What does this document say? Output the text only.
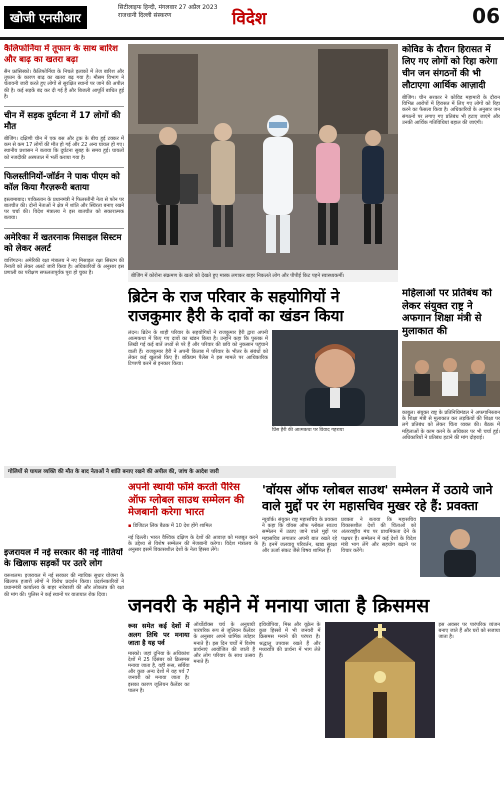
खोजी एनसीआर
सिटीलाइफ हिन्दी, मंगलवार 27 अप्रैल 2023
राजधानी दिल्ली संस्करण	विदेश	06
कैलिफोर्निया में तूफान के साथ बारिश और बाढ़ का खतरा बढ़ा
सैन फ्रांसिस्को। कैलिफोर्निया के निचले इलाकों में तेज बारिश और तूफान के कारण बाढ़ का खतरा बढ़ गया है। मौसम विभाग ने चेतावनी जारी करते हुए लोगों से सुरक्षित स्थानों पर जाने की अपील की है। कई सड़कें बंद कर दी गई हैं और बिजली आपूर्ति बाधित हुई है।
चीन में सड़क दुर्घटना में 17 लोगों की मौत
बीजिंग। दक्षिणी चीन में एक बस और ट्रक के बीच हुई टक्कर में कम से कम 17 लोगों की मौत हो गई और 22 अन्य घायल हो गए। स्थानीय प्रशासन ने बताया कि दुर्घटना सुबह के समय हुई। घायलों को नजदीकी अस्पताल में भर्ती कराया गया है।
फिलस्तीनियों-जॉर्डन ने पाक पीएम को कॉल किया गैरज़रूरी बताया
इस्लामाबाद। पाकिस्तान के प्रधानमंत्री ने फिलस्तीनी नेता से फोन पर बातचीत की। दोनों नेताओं ने क्षेत्र में शांति और स्थिरता बनाए रखने पर चर्चा की। विदेश मंत्रालय ने इस बातचीत को सकारात्मक बताया।
अमेरिका में खतरनाक मिसाइल सिस्टम को लेकर अलर्ट
वाशिंगटन। अमेरिकी रक्षा मंत्रालय ने नए मिसाइल रक्षा सिस्टम की तैनाती को लेकर अलर्ट जारी किया है। अधिकारियों के अनुसार इस प्रणाली का परीक्षण सफलतापूर्वक पूरा हो चुका है।	बीजिंग में कोरोना संक्रमण के खतरे को देखते हुए मास्क लगाकर बाहर निकलते लोग और पीपीई किट पहने स्वास्थ्यकर्मी।
कोविड के दौरान हिरासत में लिए गए लोगों को रिहा करेगा चीन जन संगठनों की भी लौटाएगा आर्थिक आज़ादी
बीजिंग। चीन सरकार ने कोविड महामारी के दौरान विभिन्न आरोपों में हिरासत में लिए गए लोगों को रिहा करने का फैसला किया है। अधिकारियों के अनुसार जन संगठनों पर लगाए गए प्रतिबंध भी हटाए जाएंगे और उनकी आर्थिक गतिविधियां बहाल की जाएंगी।
ब्रिटेन के राज परिवार के सहयोगियों ने राजकुमार हैरी के दावों का खंडन किया
लंदन। ब्रिटेन के शाही परिवार के सहयोगियों ने राजकुमार हैरी द्वारा अपनी आत्मकथा में किए गए दावों का खंडन किया है। उन्होंने कहा कि पुस्तक में लिखी गई कई बातें तथ्यों से परे हैं और परिवार की छवि को नुकसान पहुंचाने वाली हैं। राजकुमार हैरी ने अपनी किताब में परिवार के भीतर के संबंधों को लेकर कई खुलासे किए हैं। बकिंघम पैलेस ने इस मामले पर आधिकारिक टिप्पणी करने से इनकार किया।
प्रिंस हैरी की आत्मकथा पर विवाद गहराया
महिलाओं पर प्रतिबंध को लेकर संयुक्त राष्ट्र ने अफगान शिक्षा मंत्री से मुलाकात की
काबुल। संयुक्त राष्ट्र के प्रतिनिधिमंडल ने अफगानिस्तान के शिक्षा मंत्री से मुलाकात कर लड़कियों की शिक्षा पर लगे प्रतिबंध को लेकर चिंता व्यक्त की। बैठक में महिलाओं के काम करने के अधिकार पर भी चर्चा हुई। अधिकारियों ने प्रतिबंध हटाने की मांग दोहराई।
गोलियों से घायल व्यक्ति की मौत के बाद नेताओं ने शांति बनाए रखने की अपील की, जांच के आदेश जारी
इजरायल में नई सरकार की नई नीतियों के खिलाफ सड़कों पर उतरे लोग
यरूशलम। इजरायल में नई सरकार की न्यायिक सुधार योजना के खिलाफ हजारों लोगों ने विरोध प्रदर्शन किया। प्रदर्शनकारियों ने प्रधानमंत्री कार्यालय के बाहर नारेबाजी की और लोकतंत्र की रक्षा की मांग की। पुलिस ने कई स्थानों पर यातायात रोक दिया।
अपनी स्थायी फॉर्म करती पैरिस ऑफ ग्लोबल साउथ सम्मेलन की मेजबानी करेगा भारत
▪ डिजिटल लिंक बैठक में 10 देश होंगे शामिल
नई दिल्ली। भारत वैश्विक दक्षिण के देशों की आवाज़ को मजबूत करने के उद्देश्य से विशेष सम्मेलन की मेजबानी करेगा। विदेश मंत्रालय के अनुसार इसमें विकासशील देशों के नेता हिस्सा लेंगे।
'वॉयस ऑफ ग्लोबल साउथ' सम्मेलन में उठाये जाने वाले मुद्दों पर रंग महासचिव मुखर रहे हैं: प्रवक्ता
न्यूयॉर्क। संयुक्त राष्ट्र महासचिव के प्रवक्ता ने कहा कि वॉयस ऑफ ग्लोबल साउथ सम्मेलन में उठाए जाने वाले मुद्दों पर महासचिव लगातार अपनी बात रखते रहे हैं। इनमें जलवायु परिवर्तन, खाद्य सुरक्षा और ऊर्जा संकट जैसे विषय शामिल हैं।
प्रवक्ता ने बताया कि महासचिव विकासशील देशों की चिंताओं को अंतरराष्ट्रीय मंच पर प्राथमिकता देने के पक्षधर हैं। सम्मेलन में कई देशों के विदेश मंत्री भाग लेंगे और सहयोग बढ़ाने पर विचार करेंगे।
जनवरी के महीने में मनाया जाता है क्रिसमस
रूस समेत कई देशों में अलग तिथि पर मनाया जाता है यह पर्व
मास्को। जहां दुनिया के अधिकांश देशों में 25 दिसंबर को क्रिसमस मनाया जाता है, वहीं रूस, सर्बिया और कुछ अन्य देशों में यह पर्व 7 जनवरी को मनाया जाता है। इसका कारण जूलियन कैलेंडर का पालन है।
ऑर्थोडॉक्स चर्च के अनुयायी पारंपरिक रूप से जूलियन कैलेंडर के अनुसार अपने धार्मिक त्योहार मनाते हैं। इस दिन चर्चों में विशेष प्रार्थनाएं आयोजित की जाती हैं और लोग परिवार के साथ उत्सव मनाते हैं।
इथियोपिया, मिस्र और यूक्रेन के कुछ हिस्सों में भी जनवरी में क्रिसमस मनाने की परंपरा है। श्रद्धालु उपवास रखते हैं और मध्यरात्रि की प्रार्थना में भाग लेते हैं।
इस अवसर पर पारंपरिक व्यंजन बनाए जाते हैं और घरों को सजाया जाता है।
